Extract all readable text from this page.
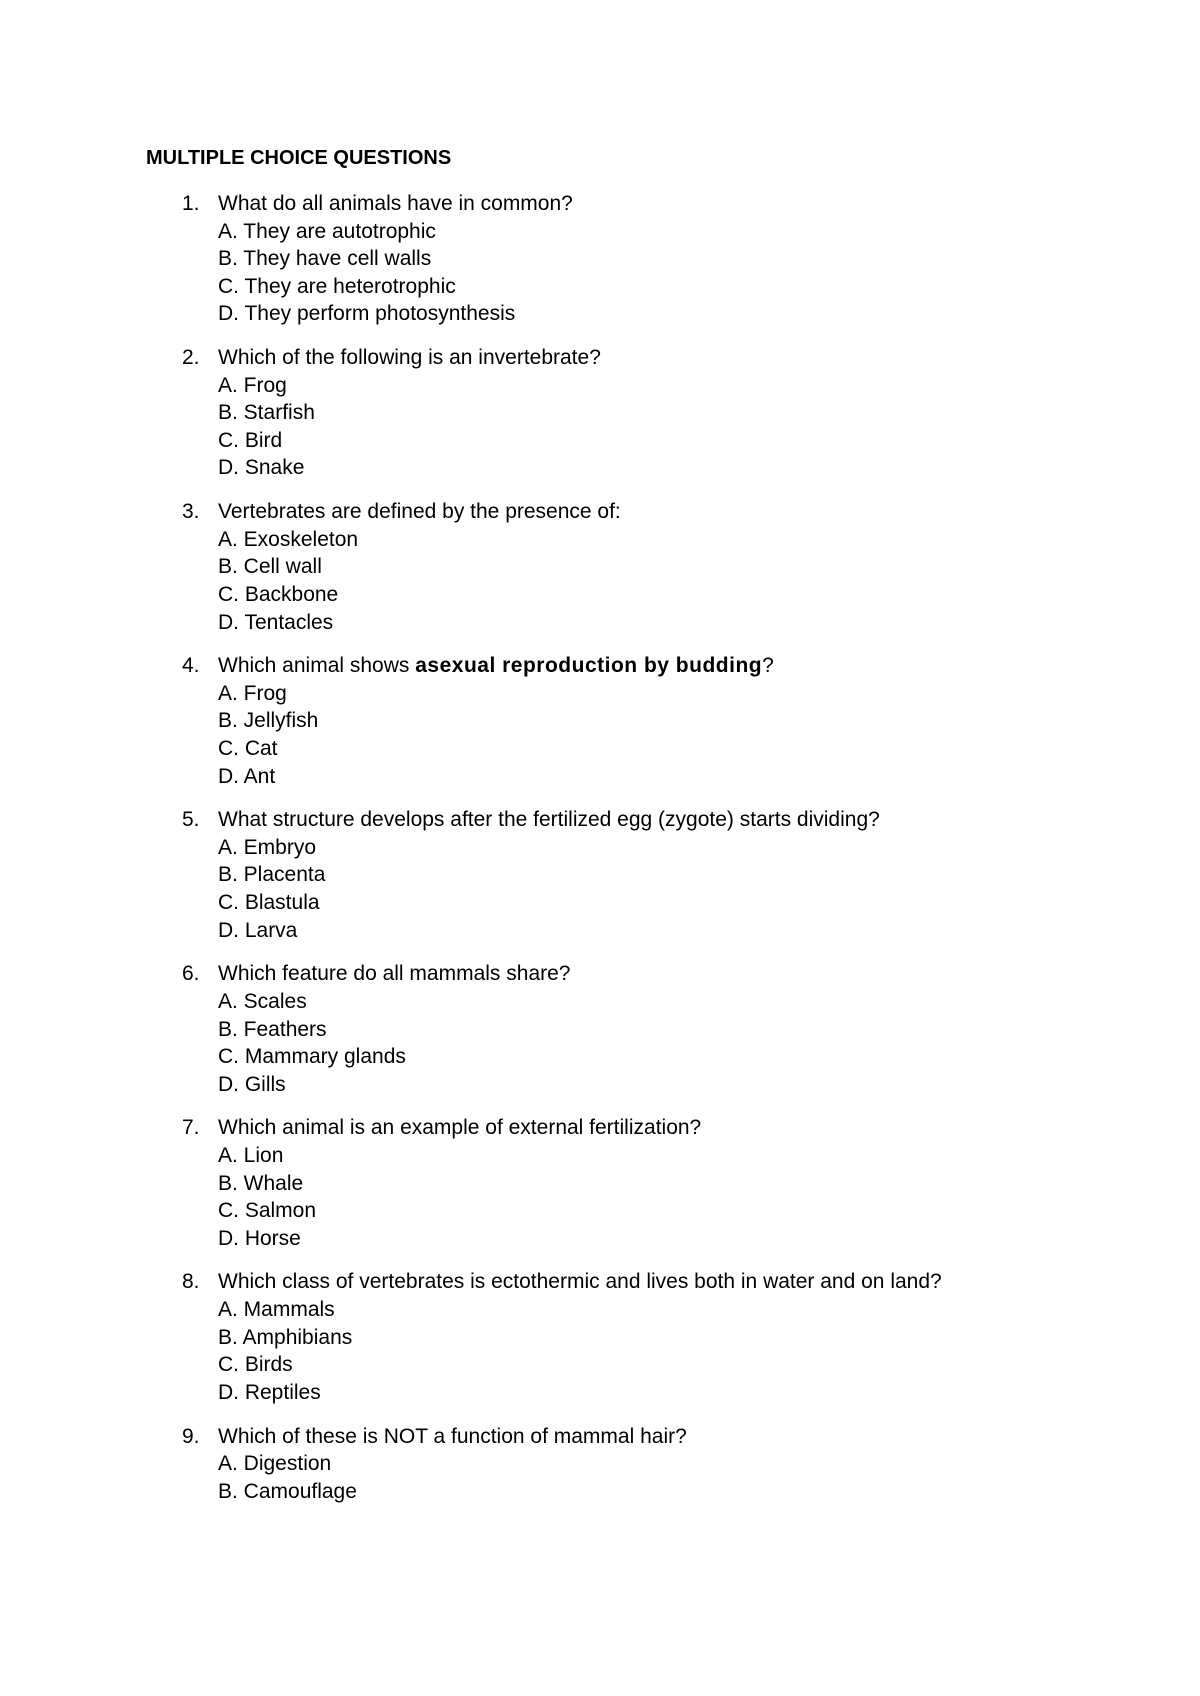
MULTIPLE CHOICE QUESTIONS
1. What do all animals have in common?
A. They are autotrophic
B. They have cell walls
C. They are heterotrophic
D. They perform photosynthesis
2. Which of the following is an invertebrate?
A. Frog
B. Starfish
C. Bird
D. Snake
3. Vertebrates are defined by the presence of:
A. Exoskeleton
B. Cell wall
C. Backbone
D. Tentacles
4. Which animal shows asexual reproduction by budding?
A. Frog
B. Jellyfish
C. Cat
D. Ant
5. What structure develops after the fertilized egg (zygote) starts dividing?
A. Embryo
B. Placenta
C. Blastula
D. Larva
6. Which feature do all mammals share?
A. Scales
B. Feathers
C. Mammary glands
D. Gills
7. Which animal is an example of external fertilization?
A. Lion
B. Whale
C. Salmon
D. Horse
8. Which class of vertebrates is ectothermic and lives both in water and on land?
A. Mammals
B. Amphibians
C. Birds
D. Reptiles
9. Which of these is NOT a function of mammal hair?
A. Digestion
B. Camouflage
